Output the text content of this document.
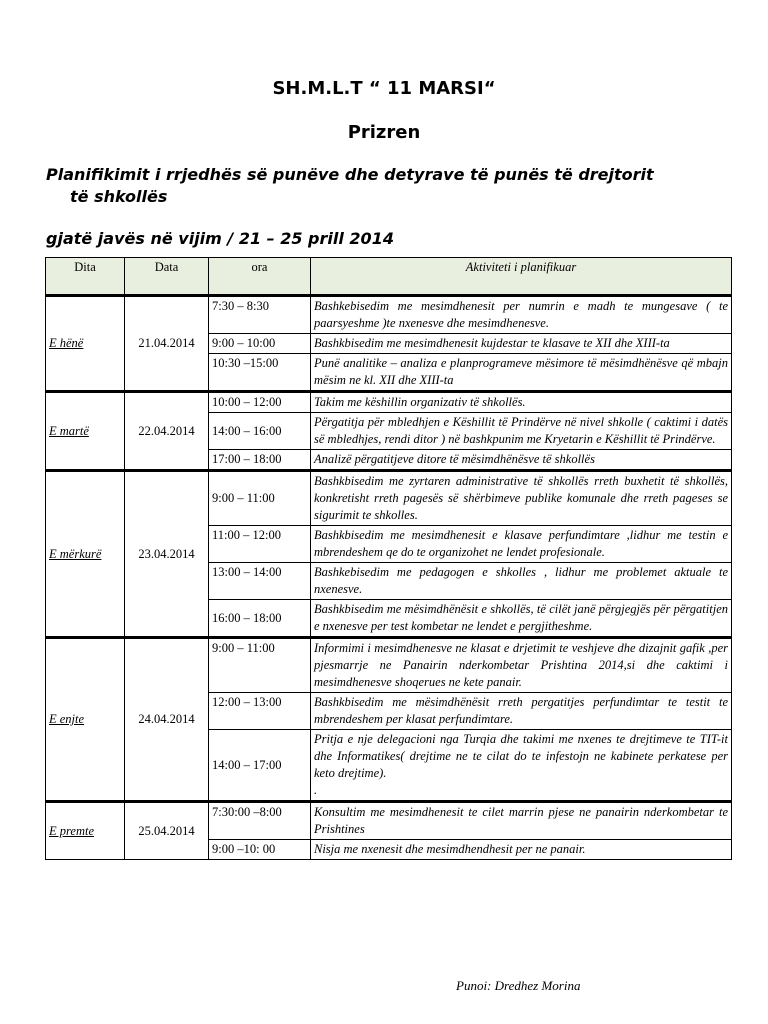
SH.M.L.T “ 11 MARSI“
Prizren
Planifikimit i rrjedhës së punëve dhe detyrave të punës të drejtorit
të shkollës
gjatë javës në vijim / 21 – 25 prill 2014
Dita	Data	ora	Aktiviteti i planifikuar
E hënë	21.04.2014	7:30 – 8:30	Bashkebisedim me mesimdhenesit per numrin e madh te mungesave ( te paarsyeshme )te nxenesve dhe mesimdhenesve.
		9:00 – 10:00	Bashkbisedim me mesimdhenesit kujdestar te klasave te XII dhe XIII-ta
		10:30 –15:00	Punë analitike – analiza e planprogrameve mësimore të mësimdhënësve që mbajn mësim ne kl. XII dhe XIII-ta
E martë	22.04.2014	10:00 – 12:00	Takim me këshillin organizativ të shkollës.
		14:00 – 16:00	Përgatitja për mbledhjen e Këshillit të Prindërve në nivel shkolle ( caktimi i datës së mbledhjes, rendi ditor ) në bashkpunim me Kryetarin e Këshillit të Prindërve.
		17:00 – 18:00	Analizë përgatitjeve ditore të mësimdhënësve të shkollës
E mërkurë	23.04.2014	9:00 – 11:00	Bashkbisedim me zyrtaren administrative të shkollës rreth buxhetit të shkollës, konkretisht rreth pagesës së shërbimeve publike komunale dhe rreth pageses se sigurimit te shkolles.
		11:00 – 12:00	Bashkbisedim me mesimdhenesit e klasave perfundimtare ,lidhur me testin e mbrendeshem qe do te organizohet ne lendet profesionale.
		13:00 – 14:00	Bashkebisedim me pedagogen e shkolles , lidhur me problemet aktuale te nxenesve.
		16:00 – 18:00	Bashkbisedim me mësimdhënësit e shkollës, të cilët janë përgjegjës për përgatitjen e nxenesve per test kombetar ne lendet e pergjitheshme.
E enjte	24.04.2014	9:00 – 11:00	Informimi i mesimdhenesve ne klasat e drjetimit te veshjeve dhe dizajnit gafik ,per pjesmarrje ne Panairin nderkombetar Prishtina 2014,si dhe caktimi i mesimdhenesve shoqerues ne kete panair.
		12:00 – 13:00	Bashkbisedim me mësimdhënësit rreth pergatitjes perfundimtar te testit te mbrendeshem per klasat perfundimtare.
		14:00 – 17:00	Pritja e nje delegacioni nga Turqia dhe takimi me nxenes te drejtimeve te TIT-it dhe Informatikes( drejtime ne te cilat do te infestojn ne kabinete perkatese per keto drejtime).
.

E premte	25.04.2014	7:30:00 –8:00	Konsultim me mesimdhenesit te cilet marrin pjese ne panairin nderkombetar te Prishtines
		9:00 –10: 00	Nisja me nxenesit dhe mesimdhendhesit per ne panair.
Punoi: Dredhez Morina
